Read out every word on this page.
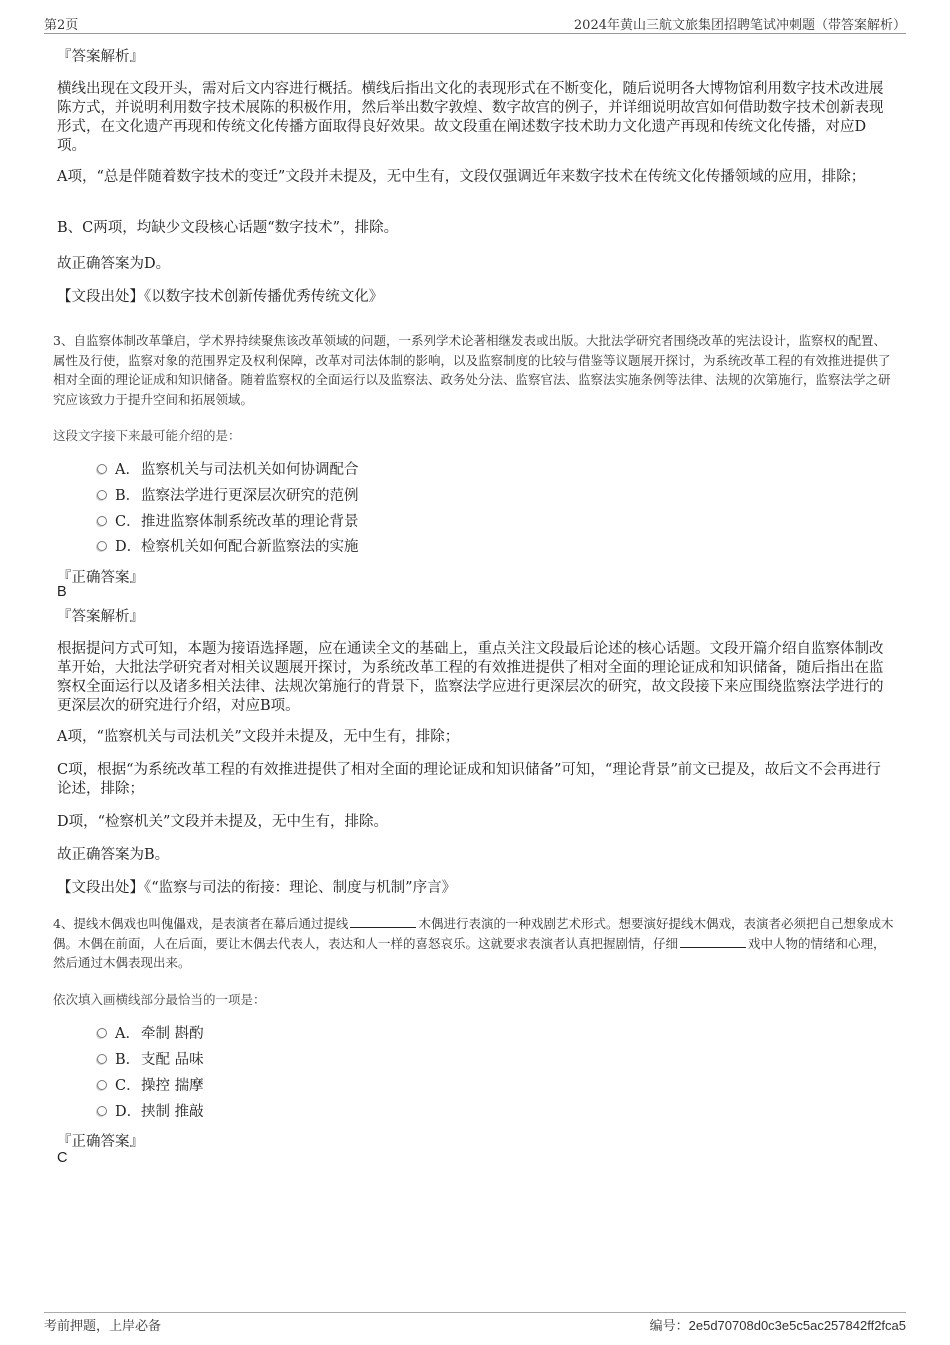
第2页	2024年黄山三航文旅集团招聘笔试冲刺题（带答案解析）
『答案解析』
横线出现在文段开头，需对后文内容进行概括。横线后指出文化的表现形式在不断变化，随后说明各大博物馆利用数字技术改进展陈方式，并说明利用数字技术展陈的积极作用，然后举出数字敦煌、数字故宫的例子，并详细说明故宫如何借助数字技术创新表现形式，在文化遗产再现和传统文化传播方面取得良好效果。故文段重在阐述数字技术助力文化遗产再现和传统文化传播，对应D项。
A项，“总是伴随着数字技术的变迁”文段并未提及，无中生有，文段仅强调近年来数字技术在传统文化传播领域的应用，排除；
B、C两项，均缺少文段核心话题“数字技术”，排除。
故正确答案为D。
【文段出处】《以数字技术创新传播优秀传统文化》
3、自监察体制改革肇启，学术界持续聚焦该改革领域的问题，一系列学术论著相继发表或出版。大批法学研究者围绕改革的宪法设计，监察权的配置、属性及行使，监察对象的范围界定及权利保障，改革对司法体制的影响，以及监察制度的比较与借鉴等议题展开探讨，为系统改革工程的有效推进提供了相对全面的理论证成和知识储备。随着监察权的全面运行以及监察法、政务处分法、监察官法、监察法实施条例等法律、法规的次第施行，监察法学之研究应该致力于提升空间和拓展领域。
这段文字接下来最可能介绍的是：
A．监察机关与司法机关如何协调配合
B．监察法学进行更深层次研究的范例
C．推进监察体制系统改革的理论背景
D．检察机关如何配合新监察法的实施
『正确答案』
B
『答案解析』
根据提问方式可知，本题为接语选择题，应在通读全文的基础上，重点关注文段最后论述的核心话题。文段开篇介绍自监察体制改革开始，大批法学研究者对相关议题展开探讨，为系统改革工程的有效推进提供了相对全面的理论证成和知识储备，随后指出在监察权全面运行以及诸多相关法律、法规次第施行的背景下，监察法学应进行更深层次的研究，故文段接下来应围绕监察法学进行的更深层次的研究进行介绍，对应B项。
A项，“监察机关与司法机关”文段并未提及，无中生有，排除；
C项，根据“为系统改革工程的有效推进提供了相对全面的理论证成和知识储备”可知，“理论背景”前文已提及，故后文不会再进行论述，排除；
D项，“检察机关”文段并未提及，无中生有，排除。
故正确答案为B。
【文段出处】《“监察与司法的衔接：理论、制度与机制”序言》
4、提线木偶戏也叫傀儡戏，是表演者在幕后通过提线	木偶进行表演的一种戏剧艺术形式。想要演好提线木偶戏，表演者必须把自己想象成木偶。木偶在前面，人在后面，要让木偶去代表人，表达和人一样的喜怒哀乐。这就要求表演者认真把握剧情，仔细	戏中人物的情绪和心理，然后通过木偶表现出来。
依次填入画横线部分最恰当的一项是：
A．牵制 斟酌
B．支配 品味
C．操控 揣摩
D．挟制 推敲
『正确答案』
C
考前押题，上岸必备	编号：2e5d70708d0c3e5c5ac257842ff2fca5
